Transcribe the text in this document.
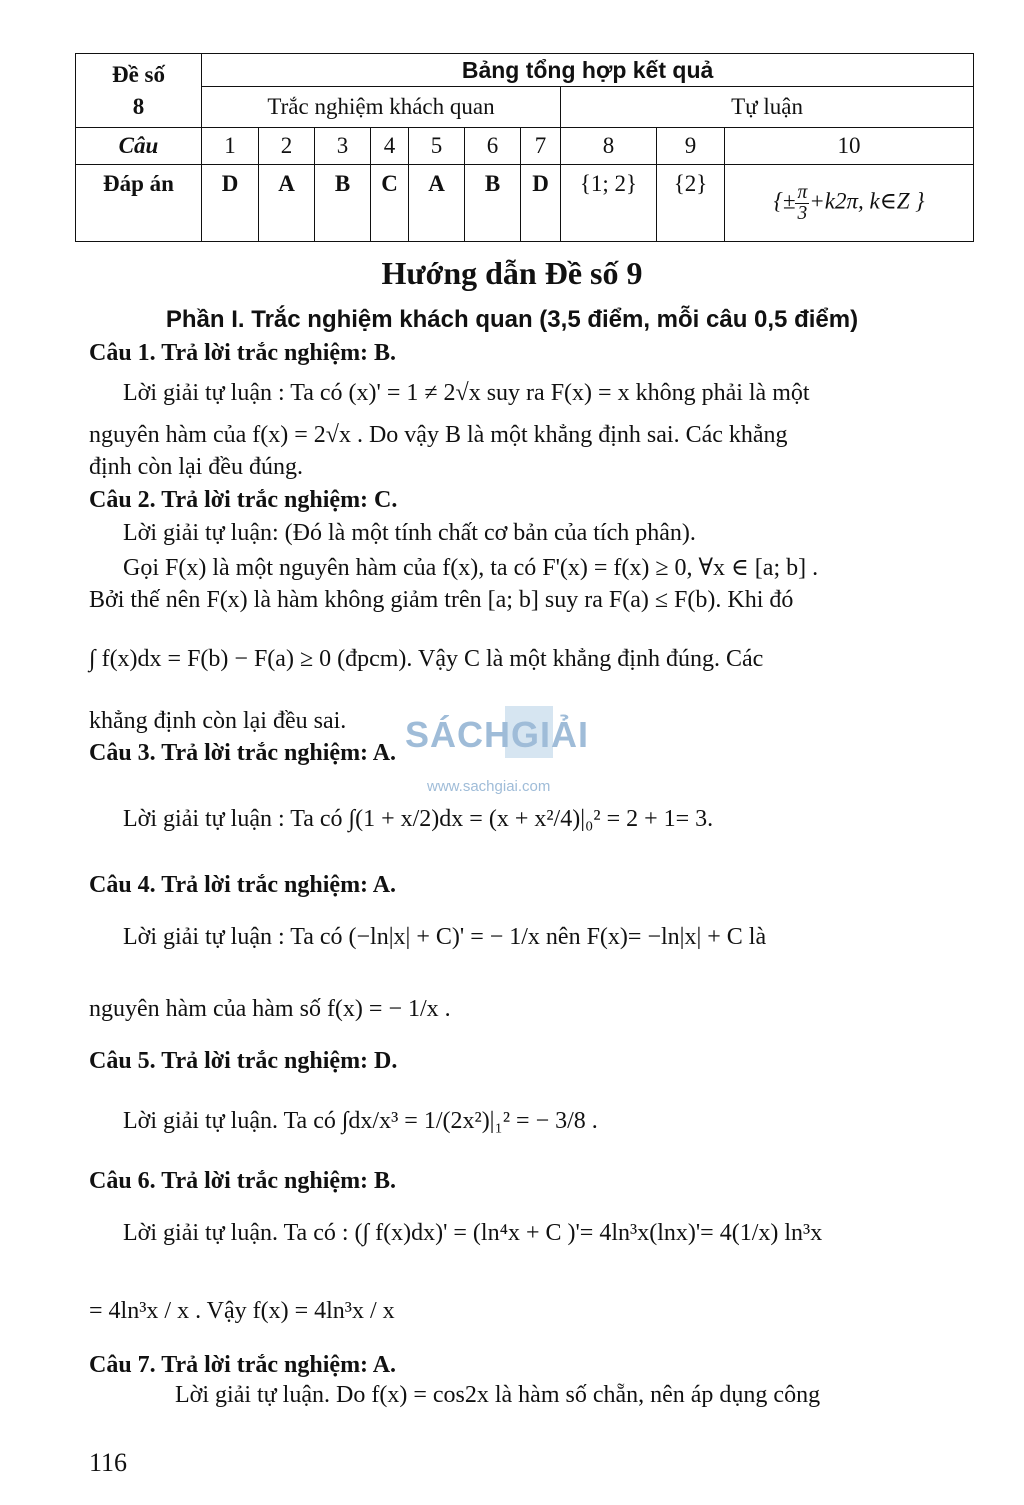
Đề số
8	Bảng tổng hợp kết quả									
	Trắc nghiệm khách quan							Tự luận		
Câu	1	2	3	4	5	6	7	8	9	10
Đáp án	D	A	B	C	A	B	D	{1; 2}	{2}	{± $\frac{\pi}{3} +k2\pi$, k∈Z }
Hướng dẫn Đề số 9
Phần I. Trắc nghiệm khách quan (3,5 điểm, mỗi câu 0,5 điểm)
Câu 1. Trả lời trắc nghiệm: B.
Lời giải tự luận : Ta có (x)' = 1 ≠ 2√x suy ra F(x) = x không phải là một
nguyên hàm của f(x) = 2√x . Do vậy B là một khẳng định sai. Các khẳng
định còn lại đều đúng.
Câu 2. Trả lời trắc nghiệm: C.
Lời giải tự luận: (Đó là một tính chất cơ bản của tích phân).
Gọi F(x) là một nguyên hàm của f(x), ta có F'(x) = f(x) ≥ 0, ∀x ∈ [a; b] .
Bởi thế nên F(x) là hàm không giảm trên [a; b] suy ra F(a) ≤ F(b). Khi đó
∫ f(x)dx = F(b) − F(a) ≥ 0 (đpcm). Vậy C là một khẳng định đúng. Các
khẳng định còn lại đều sai.
Câu 3. Trả lời trắc nghiệm: A.
Lời giải tự luận : Ta có ∫(1 + x/2)dx = (x + x²/4)|₀² = 2 + 1= 3.
Câu 4. Trả lời trắc nghiệm: A.
Lời giải tự luận : Ta có (−ln|x| + C)' = − 1/x nên F(x)= −ln|x| + C là
nguyên hàm của hàm số f(x) = − 1/x .
Câu 5. Trả lời trắc nghiệm: D.
Lời giải tự luận. Ta có ∫dx/x³ = 1/(2x²)|₁² = − 3/8 .
Câu 6. Trả lời trắc nghiệm: B.
Lời giải tự luận. Ta có : (∫ f(x)dx)' = (ln⁴x + C )'= 4ln³x(lnx)'= 4(1/x) ln³x
= 4ln³x / x . Vậy f(x) = 4ln³x / x
Câu 7. Trả lời trắc nghiệm: A.
Lời giải tự luận. Do f(x) = cos2x là hàm số chẵn, nên áp dụng công
SÁCHGIẢI
www.sachgiai.com
116
